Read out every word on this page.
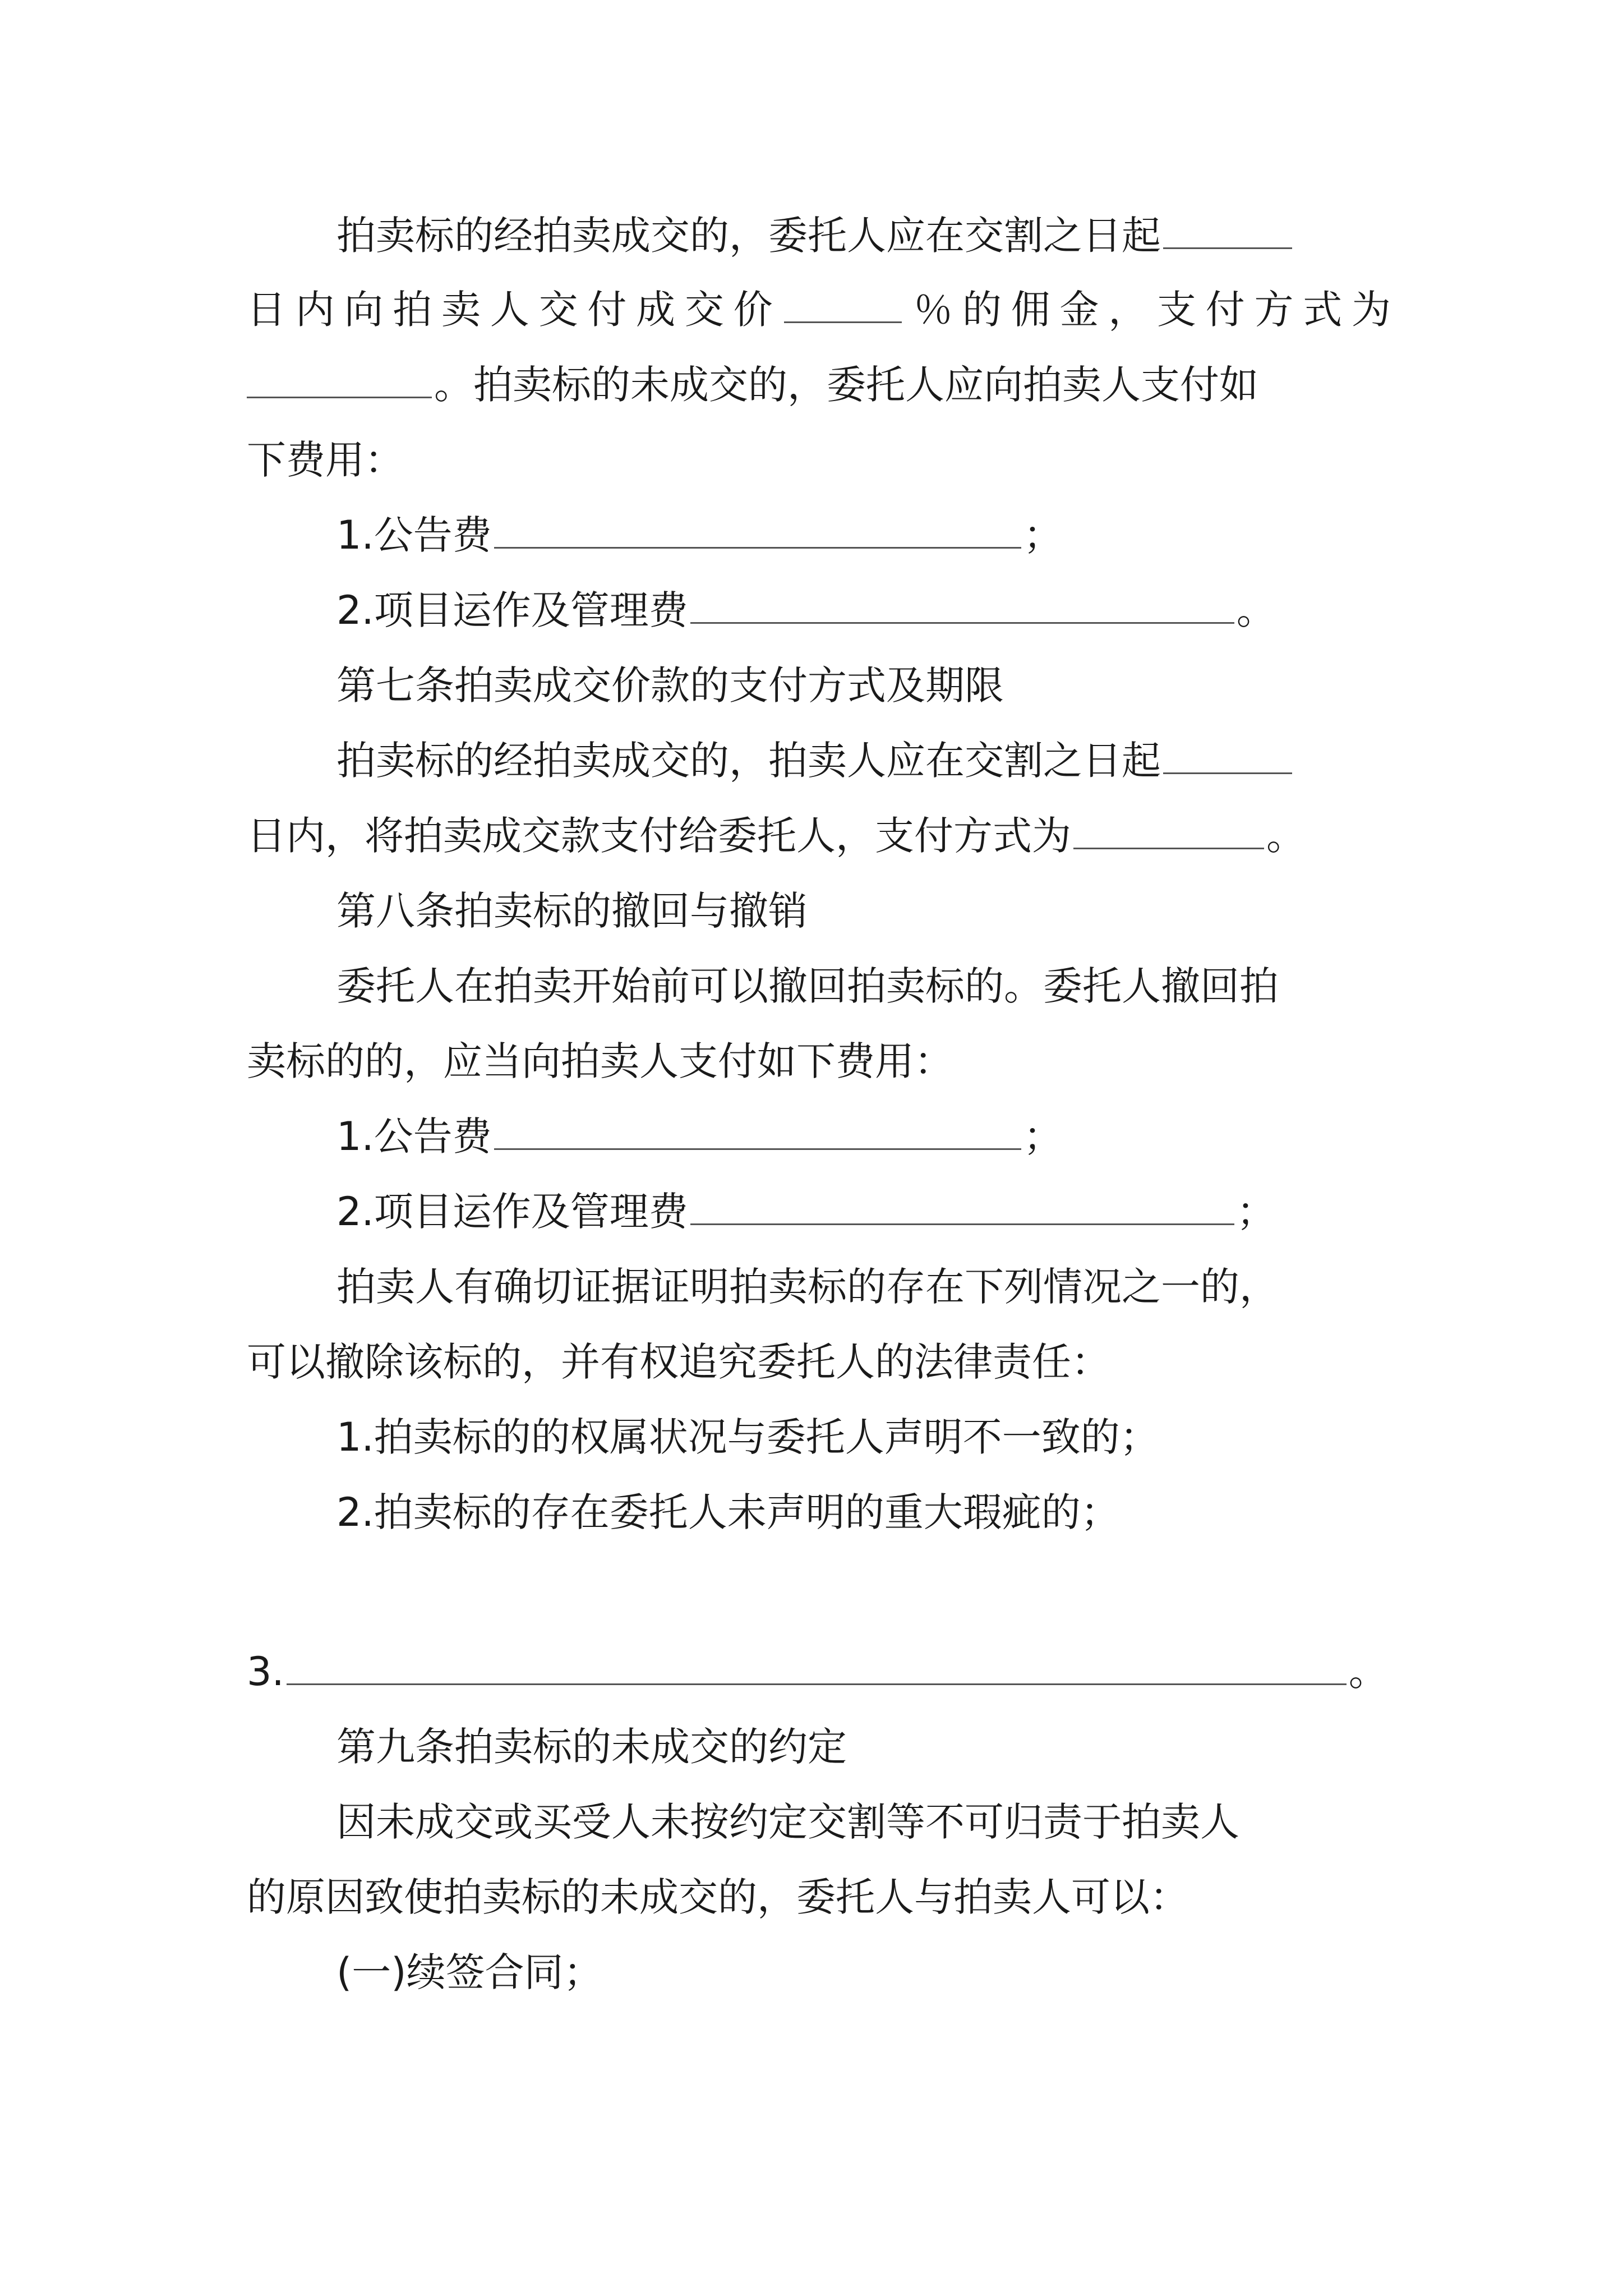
拍卖标的经拍卖成交的，委托人应在交割之日起
日内向拍卖人交付成交价	％的佣金，支付方式为
。拍卖标的未成交的，委托人应向拍卖人支付如
下费用：
1.公告费	；
2.项目运作及管理费	。
第七条拍卖成交价款的支付方式及期限
拍卖标的经拍卖成交的，拍卖人应在交割之日起
日内，将拍卖成交款支付给委托人，支付方式为	。
第八条拍卖标的撤回与撤销
委托人在拍卖开始前可以撤回拍卖标的。委托人撤回拍
卖标的的，应当向拍卖人支付如下费用：
1.公告费	；
2.项目运作及管理费	；
拍卖人有确切证据证明拍卖标的存在下列情况之一的，
可以撤除该标的，并有权追究委托人的法律责任：
1.拍卖标的的权属状况与委托人声明不一致的；
2.拍卖标的存在委托人未声明的重大瑕疵的；
3.	。
第九条拍卖标的未成交的约定
因未成交或买受人未按约定交割等不可归责于拍卖人
的原因致使拍卖标的未成交的，委托人与拍卖人可以：
(一)续签合同；
